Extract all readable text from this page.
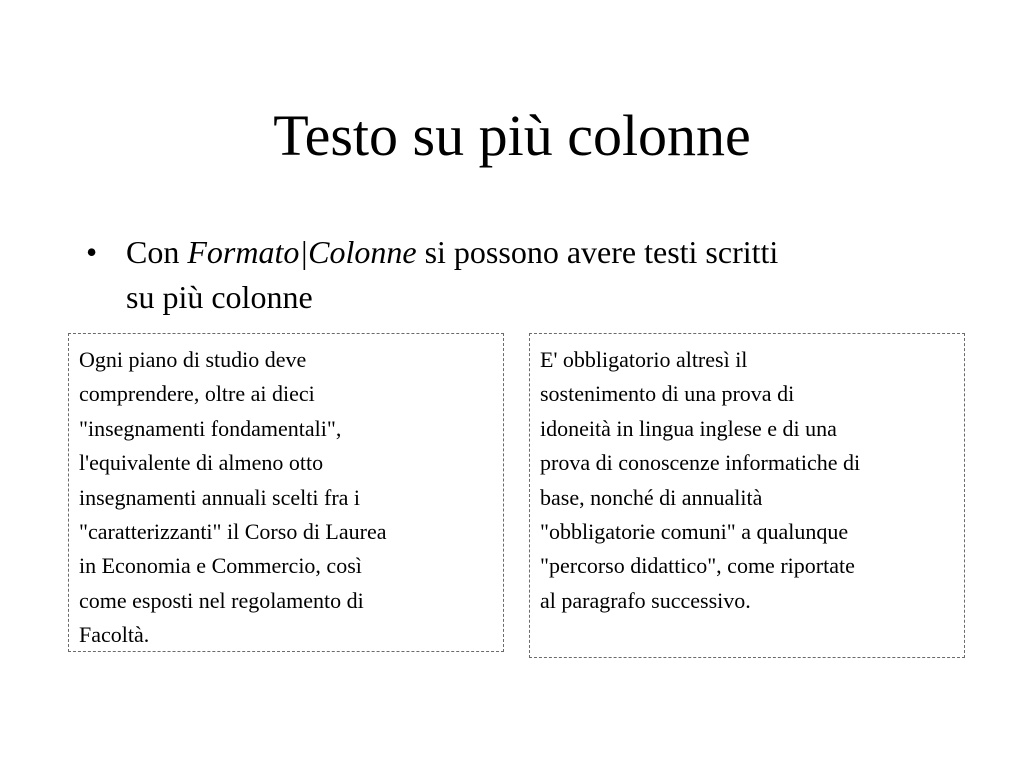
Testo su più colonne
• Con Formato|Colonne si possono avere testi scritti
su più colonne
Ogni piano di studio deve
comprendere, oltre ai dieci
"insegnamenti fondamentali",
l'equivalente di almeno otto
insegnamenti annuali scelti fra i
"caratterizzanti" il Corso di Laurea
in Economia e Commercio, così
come esposti nel regolamento di
Facoltà.
E' obbligatorio altresì il
sostenimento di una prova di
idoneità in lingua inglese e di una
prova di conoscenze informatiche di
base, nonché di annualità
"obbligatorie comuni" a qualunque
"percorso didattico", come riportate
al paragrafo successivo.
